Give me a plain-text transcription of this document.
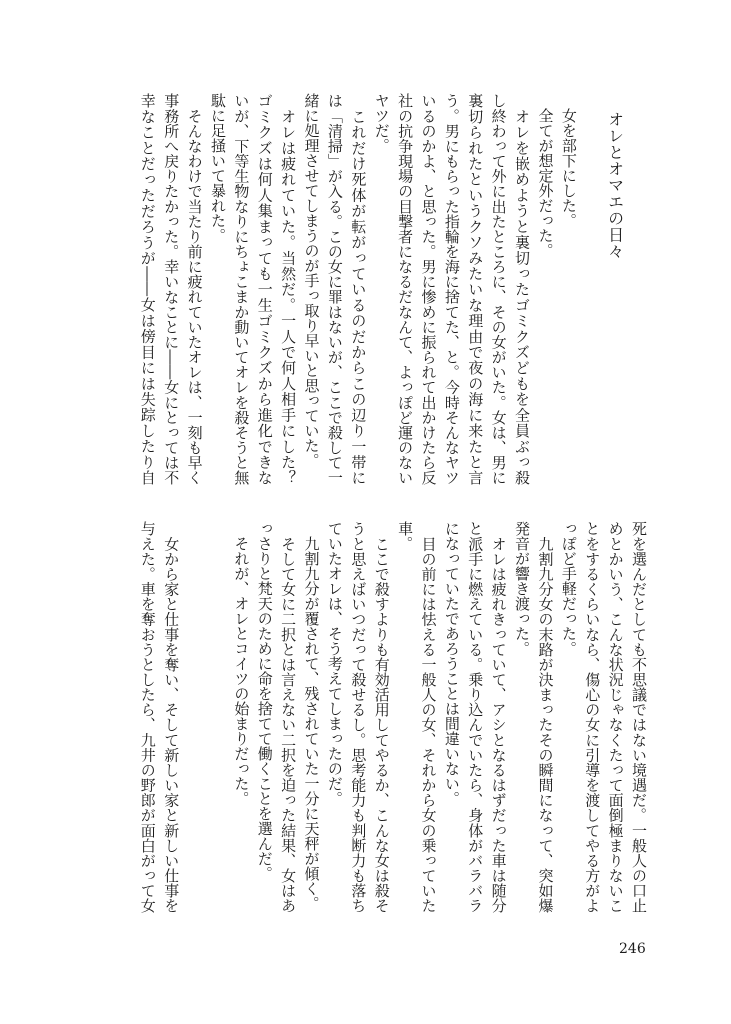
オレとオマエの日々
　女を部下にした。
　全てが想定外だった。
　オレを嵌めようと裏切ったゴミクズどもを全員ぶっ殺
し終わって外に出たところに、その女がいた。女は、男に
裏切られたというクソみたいな理由で夜の海に来たと言
う。男にもらった指輪を海に捨てた、と。今時そんなヤツ
いるのかよ、と思った。男に惨めに振られて出かけたら反
社の抗争現場の目撃者になるだなんて、よっぽど運のない
ヤツだ。
　これだけ死体が転がっているのだからこの辺り一帯に
は「清掃」が入る。この女に罪はないが、ここで殺して一
緒に処理させてしまうのが手っ取り早いと思っていた。
　オレは疲れていた。当然だ。一人で何人相手にした？
ゴミクズは何人集まっても一生ゴミクズから進化できな
いが、下等生物なりにちょこまか動いてオレを殺そうと無
駄に足掻いて暴れた。
　そんなわけで当たり前に疲れていたオレは、一刻も早く
事務所へ戻りたかった。幸いなことに――女にとっては不
幸なことだっただろうが――女は傍目には失踪したり自
死を選んだとしても不思議ではない境遇だ。一般人の口止
めとかいう、こんな状況じゃなくたって面倒極まりないこ
とをするくらいなら、傷心の女に引導を渡してやる方がよ
っぽど手軽だった。
　九割九分女の末路が決まったその瞬間になって、突如爆
発音が響き渡った。
　オレは疲れきっていて、アシとなるはずだった車は随分
と派手に燃えている。乗り込んでいたら、身体がバラバラ
になっていたであろうことは間違いない。
　目の前には怯える一般人の女、それから女の乗っていた
車。
　ここで殺すよりも有効活用してやるか、こんな女は殺そ
うと思えばいつだって殺せるし。思考能力も判断力も落ち
ていたオレは、そう考えてしまったのだ。
　九割九分が覆されて、残されていた一分に天秤が傾く。
　そして女に二択とは言えない二択を迫った結果、女はあ
っさりと梵天のために命を捨てて働くことを選んだ。
　それが、オレとコイツの始まりだった。
　女から家と仕事を奪い、そして新しい家と新しい仕事を
与えた。車を奪おうとしたら、九井の野郎が面白がって女
246
